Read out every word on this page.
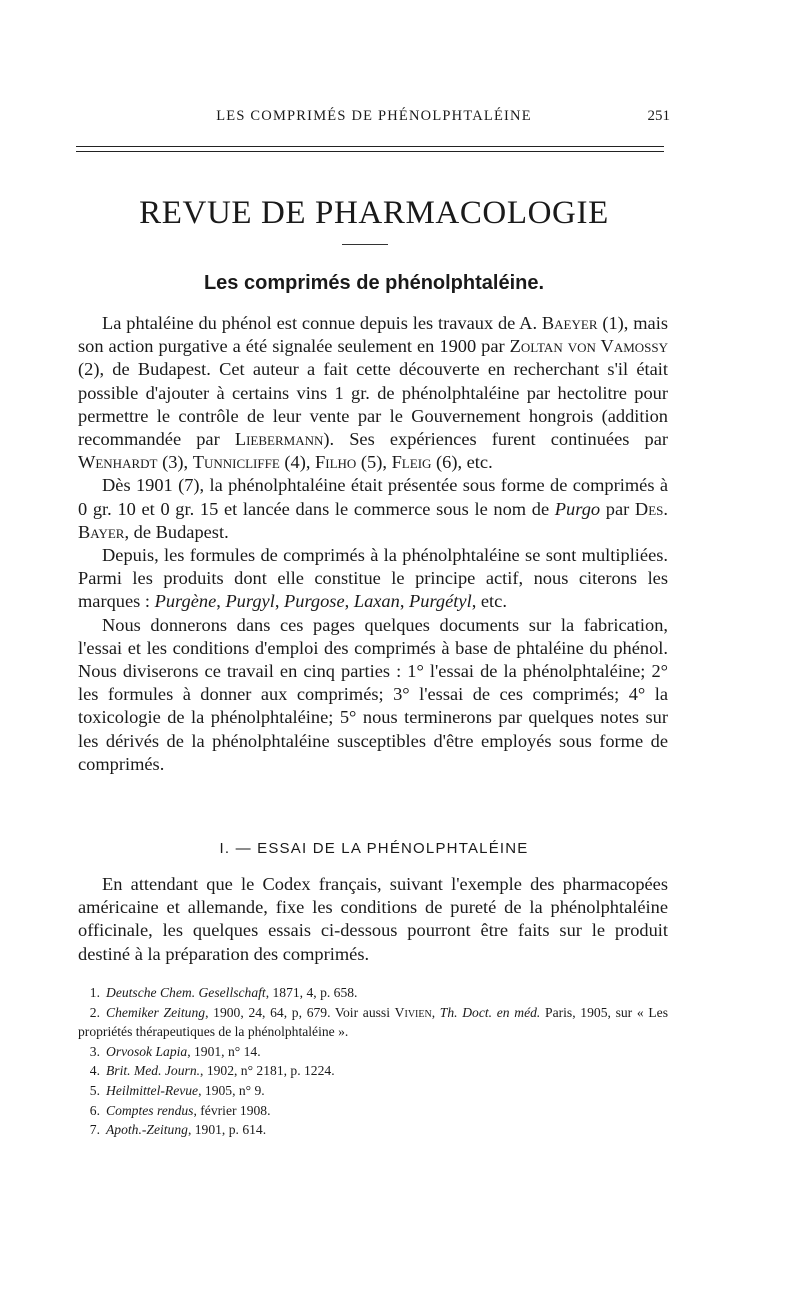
LES COMPRIMÉS DE PHÉNOLPHTALÉINE	251
REVUE DE PHARMACOLOGIE
Les comprimés de phénolphtaléine.

La phtaléine du phénol est connue depuis les travaux de A. Baeyer (1), mais son action purgative a été signalée seulement en 1900 par Zoltan von Vamossy (2), de Budapest. Cet auteur a fait cette découverte en recherchant s'il était possible d'ajouter à certains vins 1 gr. de phénolphtaléine par hectolitre pour permettre le contrôle de leur vente par le Gouvernement hongrois (addition recommandée par Liebermann). Ses expériences furent continuées par Wenhardt (3), Tunnicliffe (4), Filho (5), Fleig (6), etc.

Dès 1901 (7), la phénolphtaléine était présentée sous forme de comprimés à 0 gr. 10 et 0 gr. 15 et lancée dans le commerce sous le nom de Purgo par Des. Bayer, de Budapest.

Depuis, les formules de comprimés à la phénolphtaléine se sont multipliées. Parmi les produits dont elle constitue le principe actif, nous citerons les marques : Purgène, Purgyl, Purgose, Laxan, Purgétyl, etc.

Nous donnerons dans ces pages quelques documents sur la fabrication, l'essai et les conditions d'emploi des comprimés à base de phtaléine du phénol. Nous diviserons ce travail en cinq parties : 1° l'essai de la phénolphtaléine; 2° les formules à donner aux comprimés; 3° l'essai de ces comprimés; 4° la toxicologie de la phénolphtaléine; 5° nous terminerons par quelques notes sur les dérivés de la phénolphtaléine susceptibles d'être employés sous forme de comprimés.

I. — ESSAI DE LA PHÉNOLPHTALÉINE

En attendant que le Codex français, suivant l'exemple des pharmacopées américaine et allemande, fixe les conditions de pureté de la phénolphtaléine officinale, les quelques essais ci-dessous pourront être faits sur le produit destiné à la préparation des comprimés.

1. Deutsche Chem. Gesellschaft, 1871, 4, p. 658.

2. Chemiker Zeitung, 1900, 24, 64, p, 679. Voir aussi Vivien, Th. Doct. en méd. Paris, 1905, sur « Les propriétés thérapeutiques de la phénolphtaléine ».

3. Orvosok Lapia, 1901, n° 14.

4. Brit. Med. Journ., 1902, n° 2181, p. 1224.

5. Heilmittel-Revue, 1905, n° 9.

6. Comptes rendus, février 1908.

7. Apoth.-Zeitung, 1901, p. 614.
